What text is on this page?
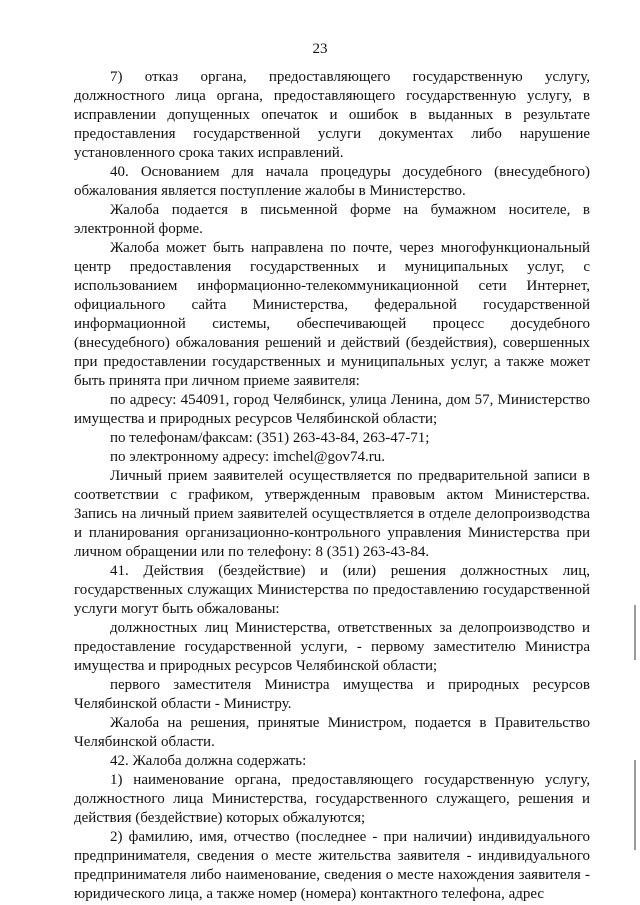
23

7) отказ органа, предоставляющего государственную услугу, должностного лица органа, предоставляющего государственную услугу, в исправлении допущенных опечаток и ошибок в выданных в результате предоставления государственной услуги документах либо нарушение установленного срока таких исправлений.

40. Основанием для начала процедуры досудебного (внесудебного) обжалования является поступление жалобы в Министерство.

Жалоба подается в письменной форме на бумажном носителе, в электронной форме.

Жалоба может быть направлена по почте, через многофункциональный центр предоставления государственных и муниципальных услуг, с использованием информационно-телекоммуникационной сети Интернет, официального сайта Министерства, федеральной государственной информационной системы, обеспечивающей процесс досудебного (внесудебного) обжалования решений и действий (бездействия), совершенных при предоставлении государственных и муниципальных услуг, а также может быть принята при личном приеме заявителя:

по адресу: 454091, город Челябинск, улица Ленина, дом 57, Министерство имущества и природных ресурсов Челябинской области;

по телефонам/факсам: (351) 263-43-84, 263-47-71;

по электронному адресу: imchel@gov74.ru.

Личный прием заявителей осуществляется по предварительной записи в соответствии с графиком, утвержденным правовым актом Министерства. Запись на личный прием заявителей осуществляется в отделе делопроизводства и планирования организационно-контрольного управления Министерства при личном обращении или по телефону: 8 (351) 263-43-84.

41. Действия (бездействие) и (или) решения должностных лиц, государственных служащих Министерства по предоставлению государственной услуги могут быть обжалованы:

должностных лиц Министерства, ответственных за делопроизводство и предоставление государственной услуги, - первому заместителю Министра имущества и природных ресурсов Челябинской области;

первого заместителя Министра имущества и природных ресурсов Челябинской области - Министру.

Жалоба на решения, принятые Министром, подается в Правительство Челябинской области.

42. Жалоба должна содержать:

1) наименование органа, предоставляющего государственную услугу, должностного лица Министерства, государственного служащего, решения и действия (бездействие) которых обжалуются;

2) фамилию, имя, отчество (последнее - при наличии) индивидуального предпринимателя, сведения о месте жительства заявителя - индивидуального предпринимателя либо наименование, сведения о месте нахождения заявителя - юридического лица, а также номер (номера) контактного телефона, адрес
